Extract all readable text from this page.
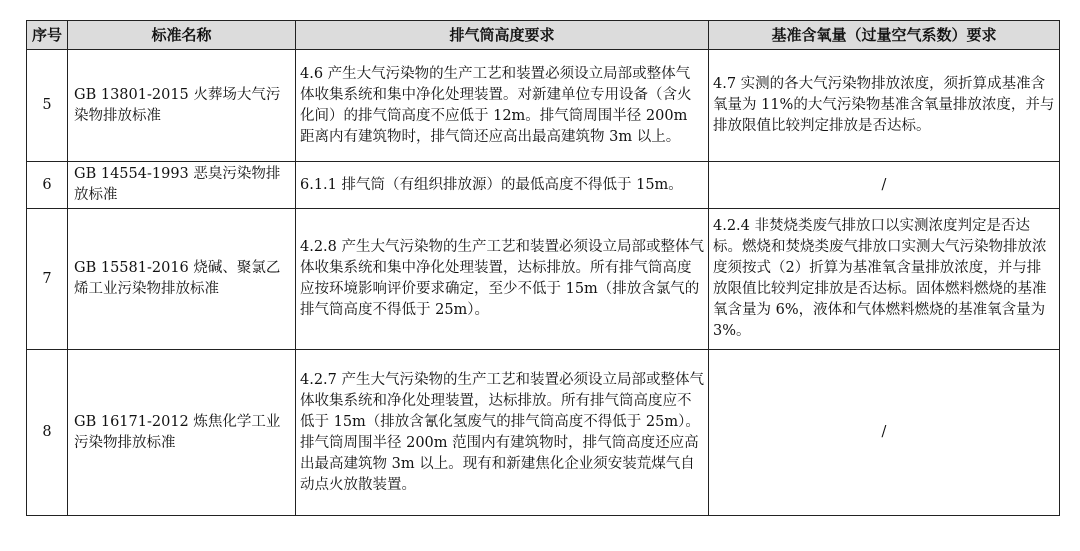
序号	标准名称	排气筒高度要求	基准含氧量（过量空气系数）要求
5	GB 13801-2015 火葬场大气污染物排放标准	4.6 产生大气污染物的生产工艺和装置必须设立局部或整体气体收集系统和集中净化处理装置。对新建单位专用设备（含火化间）的排气筒高度不应低于 12m。排气筒周围半径 200m 距离内有建筑物时，排气筒还应高出最高建筑物 3m 以上。	4.7 实测的各大气污染物排放浓度，须折算成基准含氧量为 11%的大气污染物基准含氧量排放浓度，并与排放限值比较判定排放是否达标。
6	GB 14554-1993 恶臭污染物排放标准	6.1.1 排气筒（有组织排放源）的最低高度不得低于 15m。	/
7	GB 15581-2016 烧碱、聚氯乙烯工业污染物排放标准	4.2.8 产生大气污染物的生产工艺和装置必须设立局部或整体气体收集系统和集中净化处理装置，达标排放。所有排气筒高度应按环境影响评价要求确定，至少不低于 15m（排放含氯气的排气筒高度不得低于 25m）。	4.2.4 非焚烧类废气排放口以实测浓度判定是否达标。燃烧和焚烧类废气排放口实测大气污染物排放浓度须按式（2）折算为基准氧含量排放浓度，并与排放限值比较判定排放是否达标。固体燃料燃烧的基准氧含量为 6%，液体和气体燃料燃烧的基准氧含量为 3%。
8	GB 16171-2012 炼焦化学工业污染物排放标准	4.2.7 产生大气污染物的生产工艺和装置必须设立局部或整体气体收集系统和净化处理装置，达标排放。所有排气筒高度应不低于 15m（排放含氰化氢废气的排气筒高度不得低于 25m）。排气筒周围半径 200m 范围内有建筑物时，排气筒高度还应高出最高建筑物 3m 以上。现有和新建焦化企业须安装荒煤气自动点火放散装置。	/
